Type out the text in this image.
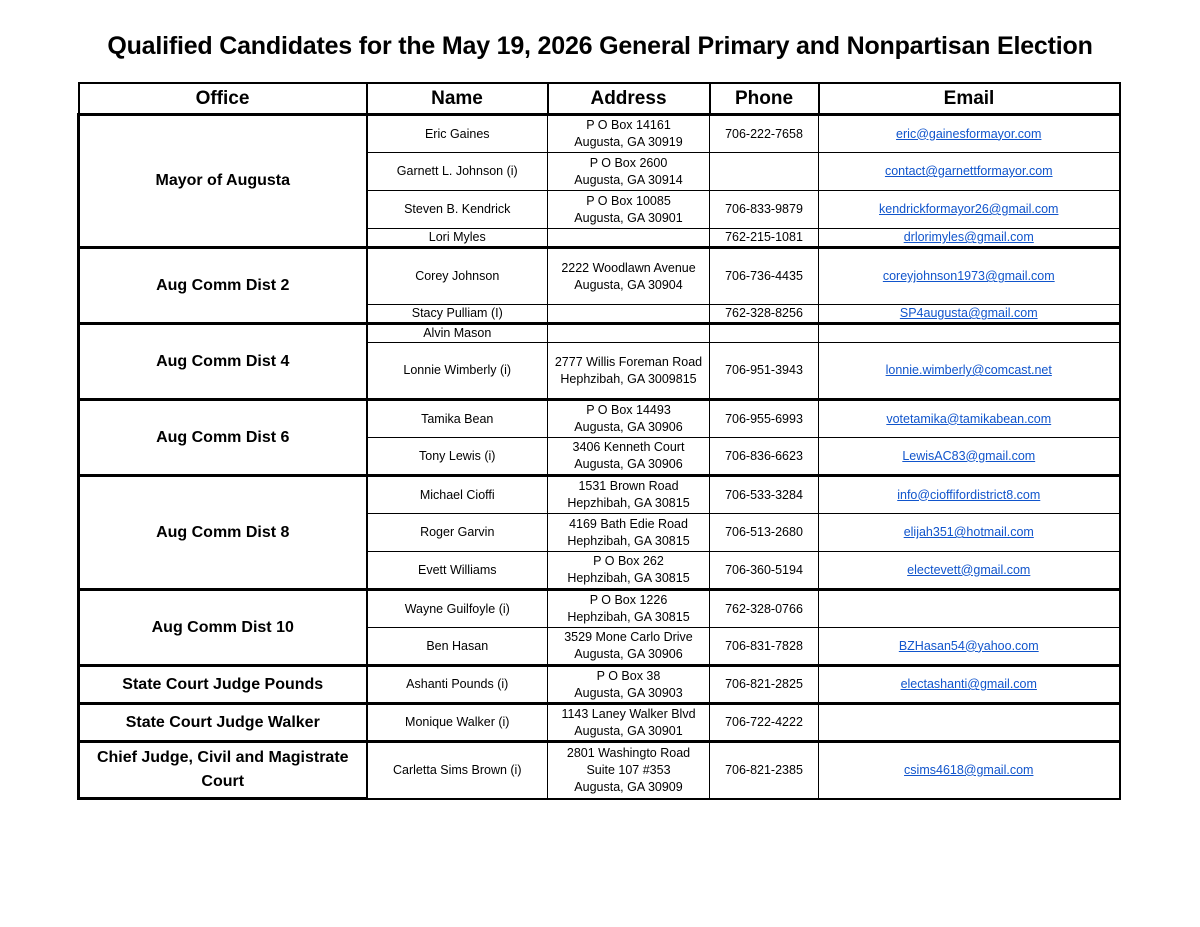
Qualified Candidates for the May 19, 2026 General Primary and Nonpartisan Election
Office	Name	Address	Phone	Email
Mayor of Augusta	Eric Gaines	P O Box 14161
Augusta, GA 30919	706-222-7658	eric@gainesformayor.com
	Garnett L. Johnson (i)	P O Box 2600
Augusta, GA 30914		contact@garnettformayor.com
	Steven B. Kendrick	P O Box 10085
Augusta, GA 30901	706-833-9879	kendrickformayor26@gmail.com
	Lori Myles		762-215-1081	drlorimyles@gmail.com
Aug Comm Dist 2	Corey Johnson	2222 Woodlawn Avenue
Augusta, GA 30904	706-736-4435	coreyjohnson1973@gmail.com
	Stacy Pulliam (I)		762-328-8256	SP4augusta@gmail.com
Aug Comm Dist 4	Alvin Mason			
	Lonnie Wimberly (i)	2777 Willis Foreman Road
Hephzibah, GA 3009815	706-951-3943	lonnie.wimberly@comcast.net
Aug Comm Dist 6	Tamika Bean	P O Box 14493
Augusta, GA 30906	706-955-6993	votetamika@tamikabean.com
	Tony Lewis (i)	3406 Kenneth Court
Augusta, GA 30906	706-836-6623	LewisAC83@gmail.com
Aug Comm Dist 8	Michael Cioffi	1531 Brown Road
Hepzhibah, GA 30815	706-533-3284	info@cioffifordistrict8.com
	Roger Garvin	4169 Bath Edie Road
Hephzibah, GA 30815	706-513-2680	elijah351@hotmail.com
	Evett Williams	P O Box 262
Hephzibah, GA 30815	706-360-5194	electevett@gmail.com
Aug Comm Dist 10	Wayne Guilfoyle (i)	P O Box 1226
Hephzibah, GA 30815	762-328-0766	
	Ben Hasan	3529 Mone Carlo Drive
Augusta, GA 30906	706-831-7828	BZHasan54@yahoo.com
State Court Judge Pounds	Ashanti Pounds (i)	P O Box 38
Augusta, GA 30903	706-821-2825	electashanti@gmail.com
State Court Judge Walker	Monique Walker (i)	1143 Laney Walker Blvd
Augusta, GA 30901	706-722-4222	
Chief Judge, Civil and Magistrate Court	Carletta Sims Brown (i)	2801 Washingto Road
Suite 107 #353
Augusta, GA 30909	706-821-2385	csims4618@gmail.com
